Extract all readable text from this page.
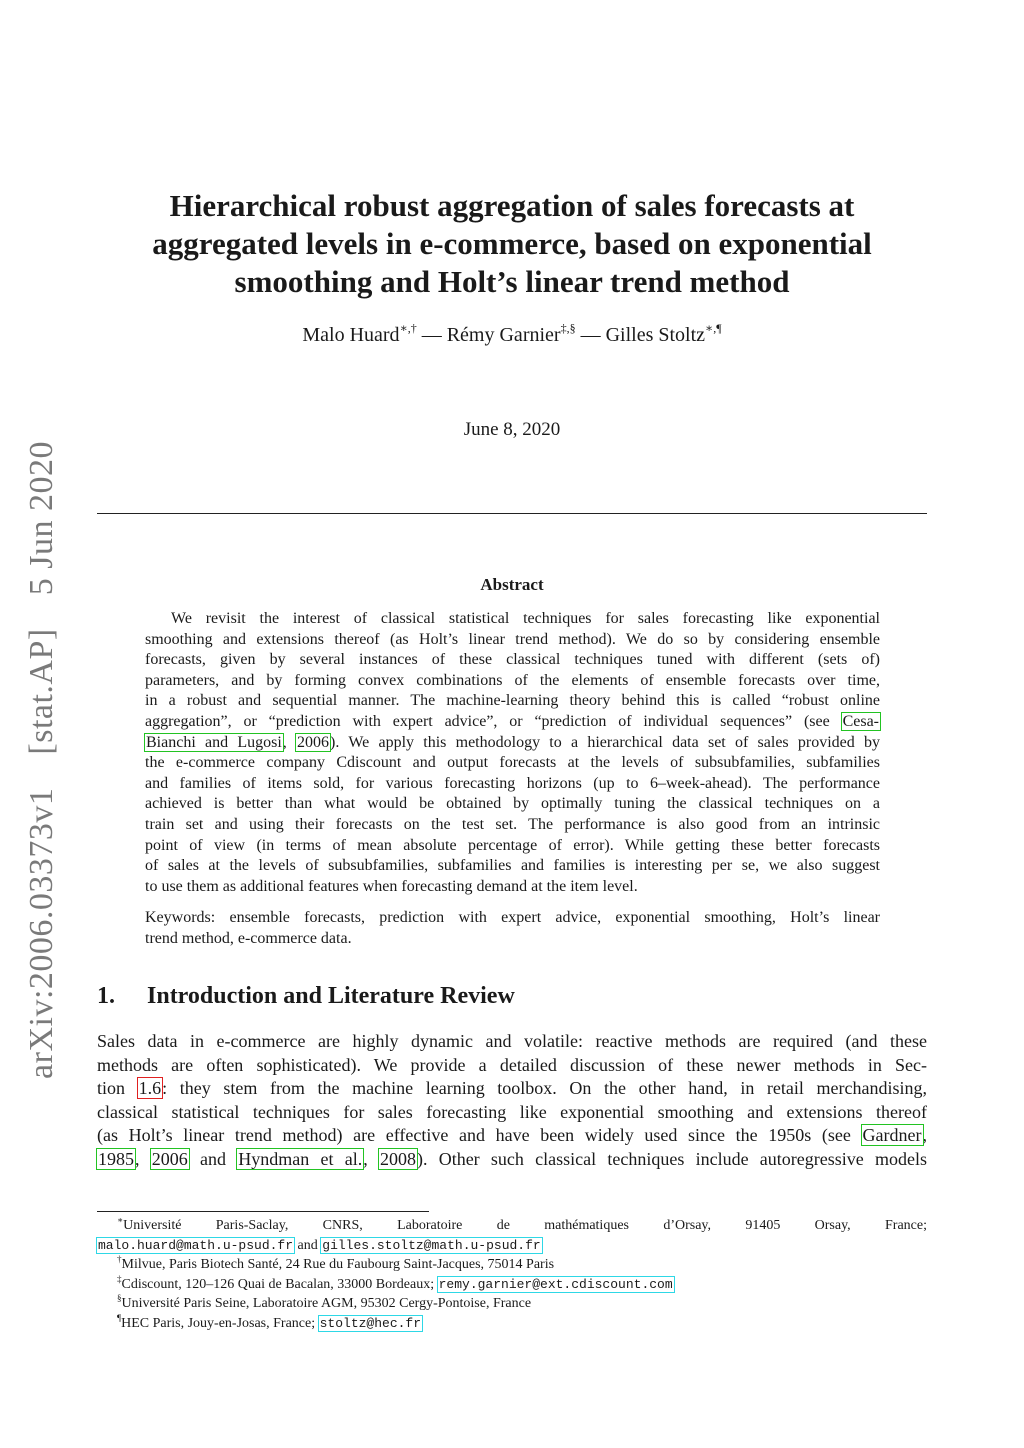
arXiv:2006.03373v1 [stat.AP] 5 Jun 2020
Hierarchical robust aggregation of sales forecasts at
aggregated levels in e-commerce, based on exponential
smoothing and Holt’s linear trend method
Malo Huard∗,† — Rémy Garnier‡,§ — Gilles Stoltz∗,¶
June 8, 2020
Abstract
We revisit the interest of classical statistical techniques for sales forecasting like exponential
smoothing and extensions thereof (as Holt’s linear trend method). We do so by considering ensemble
forecasts, given by several instances of these classical techniques tuned with different (sets of)
parameters, and by forming convex combinations of the elements of ensemble forecasts over time,
in a robust and sequential manner. The machine-learning theory behind this is called “robust online
aggregation”, or “prediction with expert advice”, or “prediction of individual sequences” (see Cesa-
Bianchi and Lugosi, 2006). We apply this methodology to a hierarchical data set of sales provided by
the e-commerce company Cdiscount and output forecasts at the levels of subsubfamilies, subfamilies
and families of items sold, for various forecasting horizons (up to 6–week-ahead). The performance
achieved is better than what would be obtained by optimally tuning the classical techniques on a
train set and using their forecasts on the test set. The performance is also good from an intrinsic
point of view (in terms of mean absolute percentage of error). While getting these better forecasts
of sales at the levels of subsubfamilies, subfamilies and families is interesting per se, we also suggest
to use them as additional features when forecasting demand at the item level.
Keywords: ensemble forecasts, prediction with expert advice, exponential smoothing, Holt’s linear
trend method, e-commerce data.
1. Introduction and Literature Review
Sales data in e-commerce are highly dynamic and volatile: reactive methods are required (and these
methods are often sophisticated). We provide a detailed discussion of these newer methods in Sec-
tion 1.6: they stem from the machine learning toolbox. On the other hand, in retail merchandising,
classical statistical techniques for sales forecasting like exponential smoothing and extensions thereof
(as Holt’s linear trend method) are effective and have been widely used since the 1950s (see Gardner,
1985, 2006 and Hyndman et al., 2008). Other such classical techniques include autoregressive models
∗Université Paris-Saclay, CNRS, Laboratoire de mathématiques d’Orsay, 91405 Orsay, France;
malo.huard@math.u-psud.fr and gilles.stoltz@math.u-psud.fr
†Milvue, Paris Biotech Santé, 24 Rue du Faubourg Saint-Jacques, 75014 Paris
‡Cdiscount, 120–126 Quai de Bacalan, 33000 Bordeaux; remy.garnier@ext.cdiscount.com
§Université Paris Seine, Laboratoire AGM, 95302 Cergy-Pontoise, France
¶HEC Paris, Jouy-en-Josas, France; stoltz@hec.fr
